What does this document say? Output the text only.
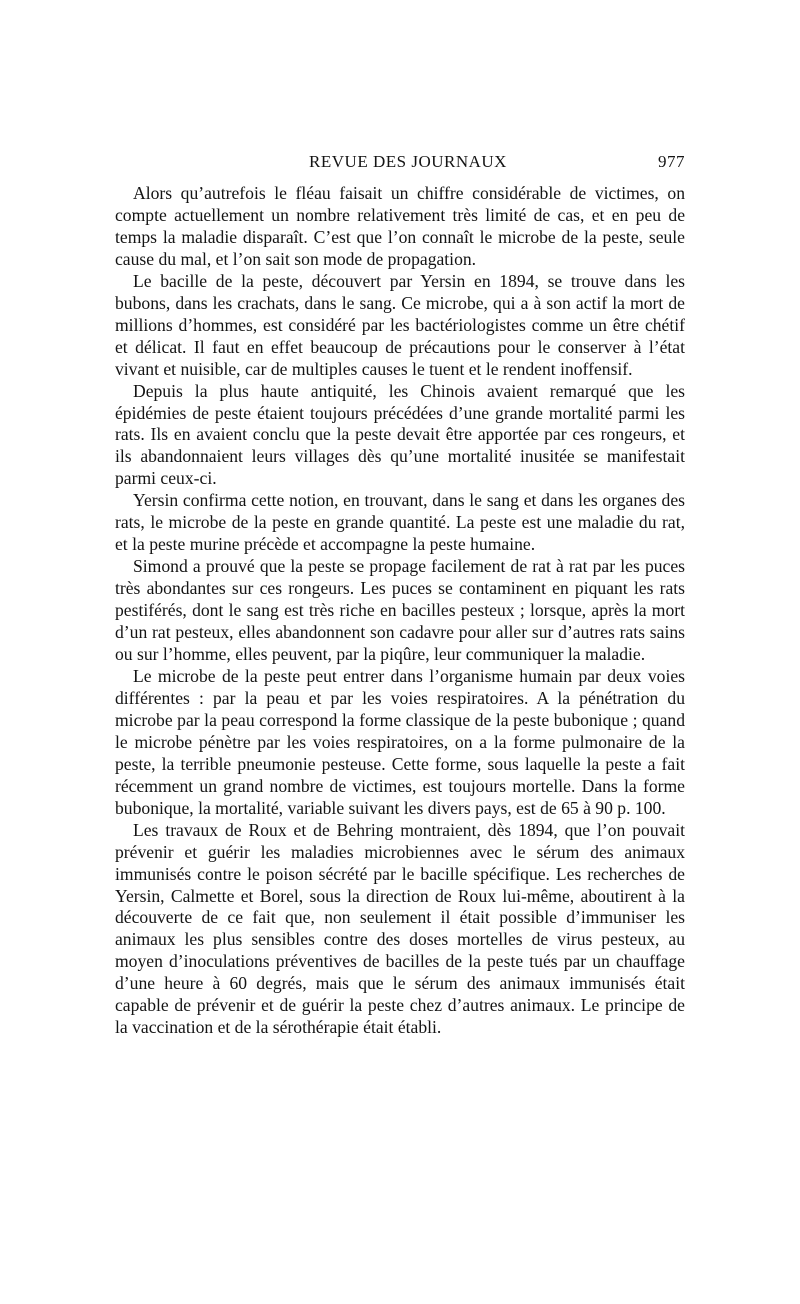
REVUE DES JOURNAUX	977

Alors qu’autrefois le fléau faisait un chiffre considérable de victimes, on compte actuellement un nombre relativement très limité de cas, et en peu de temps la maladie disparaît. C’est que l’on connaît le microbe de la peste, seule cause du mal, et l’on sait son mode de propagation.

Le bacille de la peste, découvert par Yersin en 1894, se trouve dans les bubons, dans les crachats, dans le sang. Ce microbe, qui a à son actif la mort de millions d’hommes, est considéré par les bactériologistes comme un être chétif et délicat. Il faut en effet beaucoup de précautions pour le conserver à l’état vivant et nuisible, car de multiples causes le tuent et le rendent inoffensif.

Depuis la plus haute antiquité, les Chinois avaient remarqué que les épidémies de peste étaient toujours précédées d’une grande mortalité parmi les rats. Ils en avaient conclu que la peste devait être apportée par ces rongeurs, et ils abandonnaient leurs villages dès qu’une mortalité inusitée se manifestait parmi ceux-ci.

Yersin confirma cette notion, en trouvant, dans le sang et dans les organes des rats, le microbe de la peste en grande quantité. La peste est une maladie du rat, et la peste murine précède et accompagne la peste humaine.

Simond a prouvé que la peste se propage facilement de rat à rat par les puces très abondantes sur ces rongeurs. Les puces se contaminent en piquant les rats pestiférés, dont le sang est très riche en bacilles pesteux ; lorsque, après la mort d’un rat pesteux, elles abandonnent son cadavre pour aller sur d’autres rats sains ou sur l’homme, elles peuvent, par la piqûre, leur communiquer la maladie.

Le microbe de la peste peut entrer dans l’organisme humain par deux voies différentes : par la peau et par les voies respiratoires. A la pénétration du microbe par la peau correspond la forme classique de la peste bubonique ; quand le microbe pénètre par les voies respiratoires, on a la forme pulmonaire de la peste, la terrible pneumonie pesteuse. Cette forme, sous laquelle la peste a fait récemment un grand nombre de victimes, est toujours mortelle. Dans la forme bubonique, la mortalité, variable suivant les divers pays, est de 65 à 90 p. 100.

Les travaux de Roux et de Behring montraient, dès 1894, que l’on pouvait prévenir et guérir les maladies microbiennes avec le sérum des animaux immunisés contre le poison sécrété par le bacille spécifique. Les recherches de Yersin, Calmette et Borel, sous la direction de Roux lui-même, aboutirent à la découverte de ce fait que, non seulement il était possible d’immuniser les animaux les plus sensibles contre des doses mortelles de virus pesteux, au moyen d’inoculations préventives de bacilles de la peste tués par un chauffage d’une heure à 60 degrés, mais que le sérum des animaux immunisés était capable de prévenir et de guérir la peste chez d’autres animaux. Le principe de la vaccination et de la sérothérapie était établi.
